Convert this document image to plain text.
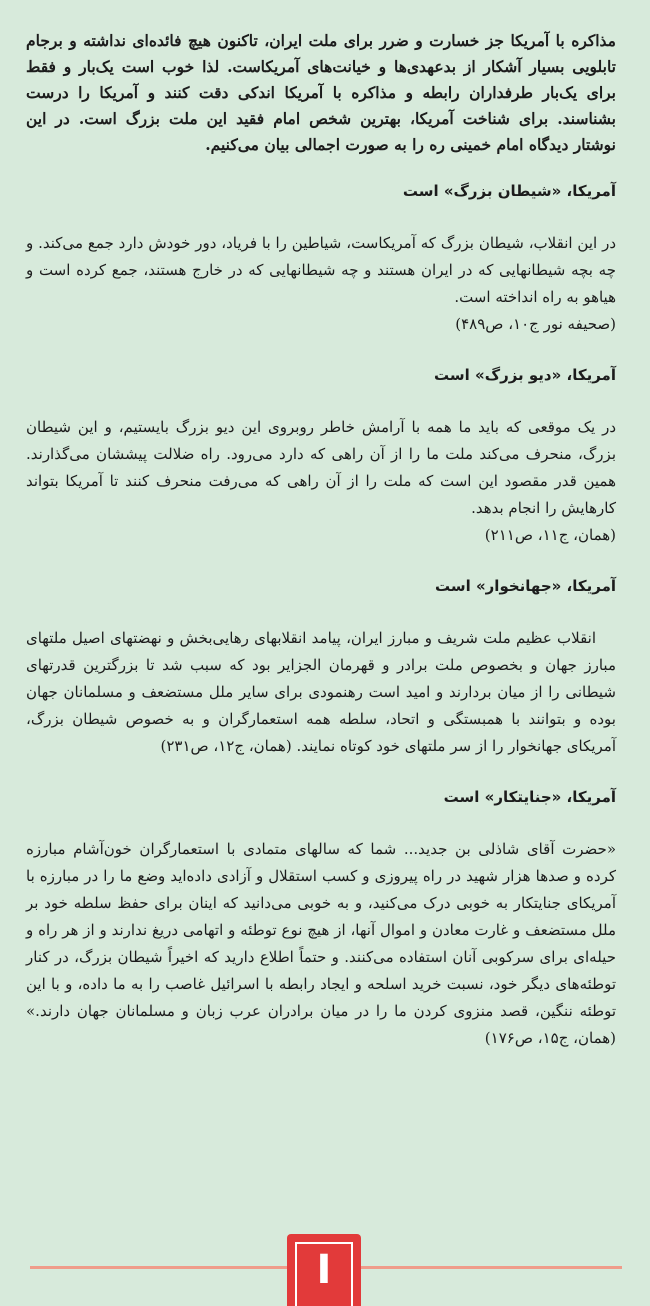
مذاکره با آمریکا جز خسارت و ضرر برای ملت ایران، تاکنون هیچ فائده‌ای نداشته و برجام تابلویی بسیار آشکار از بدعهدی‌ها و خیانت‌های آمریکاست. لذا خوب است یک‌بار و فقط برای یک‌بار طرفداران رابطه و مذاکره با آمریکا اندکی دقت کنند و آمریکا را درست بشناسند. برای شناخت آمریکا، بهترین شخص امام فقید این ملت بزرگ است. در این نوشتار دیدگاه امام خمینی ره را به صورت اجمالی بیان می‌کنیم.

آمریکا، «شیطان بزرگ» است

در این انقلاب، شیطان بزرگ که آمریکاست، شیاطین را با فریاد، دور خودش دارد جمع می‌کند. و چه بچه شیطانهایی که در ایران هستند و چه شیطانهایی که در خارج هستند، جمع کرده است و هیاهو به راه انداخته است.

(صحیفه نور ج۱۰، ص۴۸۹)

آمریکا، «دیو بزرگ» است

در یک موقعی که باید ما همه با آرامش خاطر روبروی این دیو بزرگ بایستیم، و این شیطان بزرگ، منحرف می‌کند ملت ما را از آن راهی که دارد می‌رود. راه ضلالت پیششان می‌گذارند. همین قدر مقصود این است که ملت را از آن راهی که می‌رفت منحرف کنند تا آمریکا بتواند کارهایش را انجام بدهد.

(همان، ج۱۱، ص۲۱۱)

آمریکا، «جهانخوار» است

انقلاب عظیم ملت شریف و مبارز ایران، پیامد انقلابهای رهایی‌بخش و نهضتهای اصیل ملتهای مبارز جهان و بخصوص ملت برادر و قهرمان الجزایر بود که سبب شد تا بزرگترین قدرتهای شیطانی را از میان بردارند و امید است رهنمودی برای سایر ملل مستضعف و مسلمانان جهان بوده و بتوانند با همبستگی و اتحاد، سلطه همه استعمارگران و به خصوص شیطان بزرگ، آمریکای جهانخوار را از سر ملتهای خود کوتاه نمایند. (همان، ج۱۲، ص۲۳۱)

آمریکا، «جنایتکار» است

«حضرت آقای شاذلی بن جدید... شما که سالهای متمادی با استعمارگران خون‌آشام مبارزه کرده و صدها هزار شهید در راه پیروزی و کسب استقلال و آزادی داده‌اید وضع ما را در مبارزه با آمریکای جنایتکار به خوبی درک می‌کنید، و به خوبی می‌دانید که اینان برای حفظ سلطه خود بر ملل مستضعف و غارت معادن و اموال آنها، از هیچ نوع توطئه و اتهامی دریغ ندارند و از هر راه و حیله‌ای برای سرکوبی آنان استفاده می‌کنند. و حتماً اطلاع دارید که اخیراً شیطان بزرگ، در کنار توطئه‌های دیگر خود، نسبت خرید اسلحه و ایجاد رابطه با اسرائیل غاصب را به ما داده، و با این توطئه ننگین، قصد منزوی کردن ما را در میان برادران عرب زبان و مسلمانان جهان دارند.» (همان، ج۱۵، ص۱۷۶)

I
